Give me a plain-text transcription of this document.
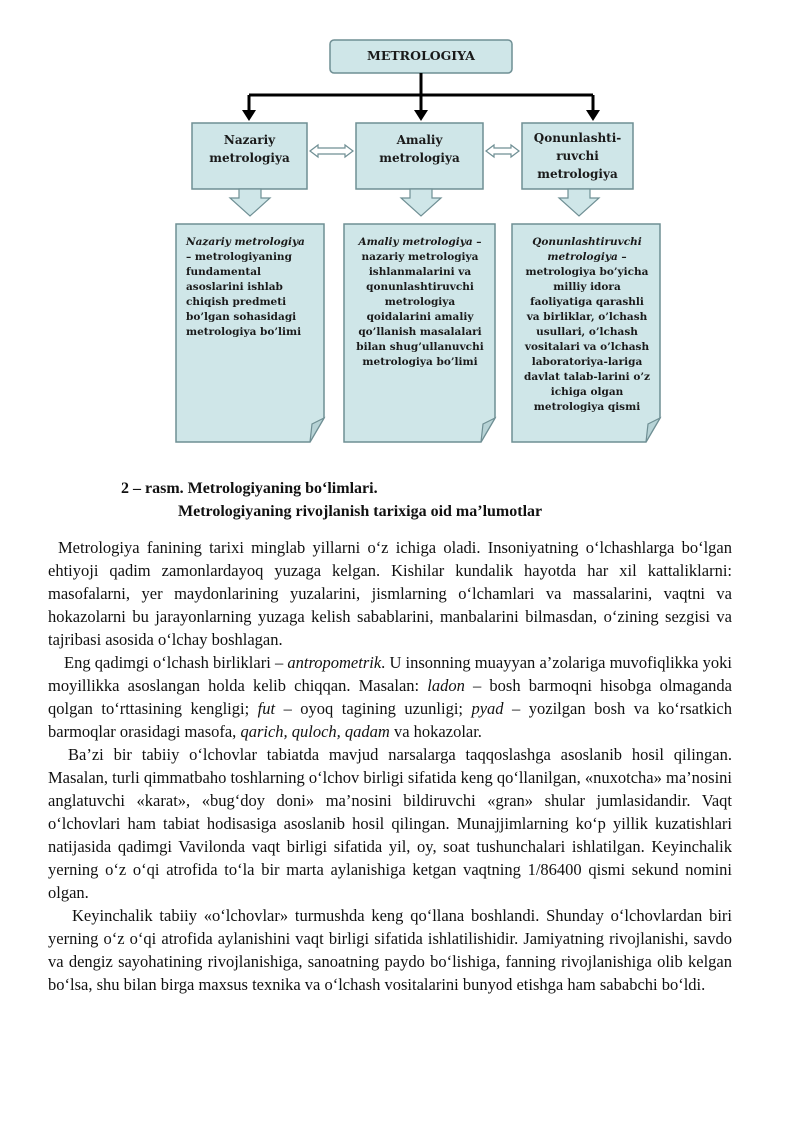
METROLOGIYA
Nazariy
metrologiya
Amaliy
metrologiya
Qonunlashti-
ruvchi
metrologiya
Nazariy metrologiya – metrologiyaning fundamental asoslarini ishlab chiqish predmeti bo’lgan sohasidagi metrologiya bo’limi
Amaliy metrologiya – nazariy metrologiya ishlanmalarini va qonunlashtiruvchi metrologiya qoidalarini amaliy qo’llanish masalalari bilan shug’ullanuvchi metrologiya bo’limi
Qonunlashtiruvchi metrologiya – metrologiya bo’yicha milliy idora faoliyatiga qarashli va birliklar, o’lchash usullari, o’lchash vositalari va o’lchash laboratoriya-lariga davlat talab-larini o’z ichiga olgan metrologiya qismi
2 – rasm. Metrologiyaning bo‘limlari.
Metrologiyaning rivojlanish tarixiga oid ma’lumotlar

Metrologiya fanining tarixi minglab yillarni o‘z ichiga oladi. Insoniyatning o‘lchashlarga bo‘lgan ehtiyoji qadim zamonlardayoq yuzaga kelgan. Kishilar kundalik hayotda har xil kattaliklarni: masofalarni, yer maydonlarining yuzalarini, jismlarning o‘lchamlari va massalarini, vaqtni va hokazolarni bu jarayonlarning yuzaga kelish sabablarini, manbalarini bilmasdan, o‘zining sezgisi va tajribasi asosida o‘lchay boshlagan.

Eng qadimgi o‘lchash birliklari – antropometrik. U insonning muayyan a’zolariga muvofiqlikka yoki moyillikka asoslangan holda kelib chiqqan. Masalan: ladon – bosh barmoqni hisobga olmaganda qolgan to‘rttasining kengligi; fut – oyoq tagining uzunligi; pyad – yozilgan bosh va ko‘rsatkich barmoqlar orasidagi masofa, qarich, quloch, qadam va hokazolar.

Ba’zi bir tabiiy o‘lchovlar tabiatda mavjud narsalarga taqqoslashga asoslanib hosil qilingan. Masalan, turli qimmatbaho toshlarning o‘lchov birligi sifatida keng qo‘llanilgan, «nuxotcha» ma’nosini anglatuvchi «karat», «bug‘doy doni» ma’nosini bildiruvchi «gran» shular jumlasidandir. Vaqt o‘lchovlari ham tabiat hodisasiga asoslanib hosil qilingan. Munajjimlarning ko‘p yillik kuzatishlari natijasida qadimgi Vavilonda vaqt birligi sifatida yil, oy, soat tushunchalari ishlatilgan. Keyinchalik yerning o‘z o‘qi atrofida to‘la bir marta aylanishiga ketgan vaqtning 1/86400 qismi sekund nomini olgan.

Keyinchalik tabiiy «o‘lchovlar» turmushda keng qo‘llana boshlandi. Shunday o‘lchovlardan biri yerning o‘z o‘qi atrofida aylanishini vaqt birligi sifatida ishlatilishidir. Jamiyatning rivojlanishi, savdo va dengiz sayohatining rivojlanishiga, sanoatning paydo bo‘lishiga, fanning rivojlanishiga olib kelgan bo‘lsa, shu bilan birga maxsus texnika va o‘lchash vositalarini bunyod etishga ham sababchi bo‘ldi.
